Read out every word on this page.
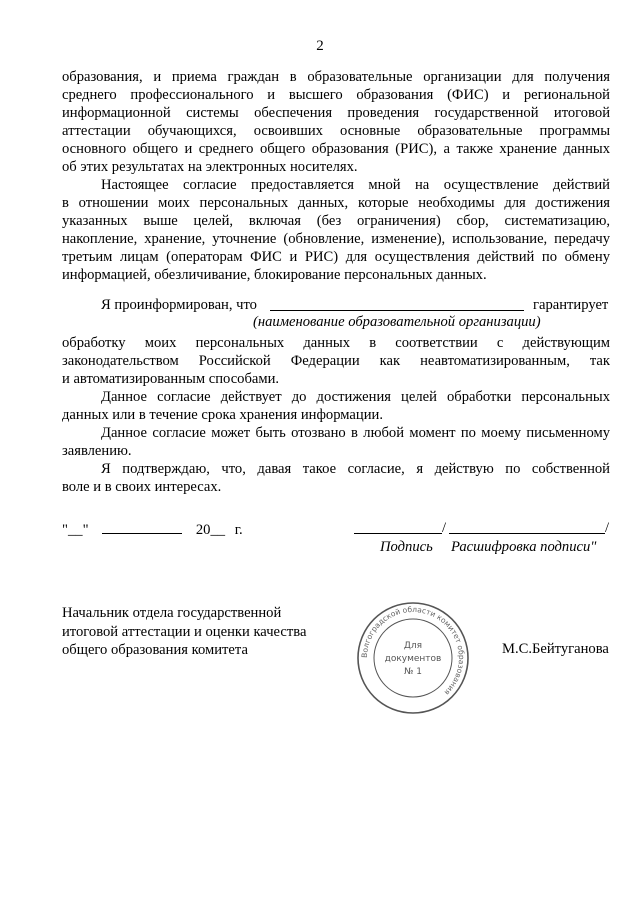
2
образования, и приема граждан в образовательные организации для получения
среднего профессионального и высшего образования (ФИС) и региональной
информационной системы обеспечения проведения государственной итоговой
аттестации обучающихся, освоивших основные образовательные программы
основного общего и среднего общего образования (РИС), а также хранение данных
об этих результатах на электронных носителях.
Настоящее согласие предоставляется мной на осуществление действий
в отношении моих персональных данных, которые необходимы для достижения
указанных выше целей, включая (без ограничения) сбор, систематизацию,
накопление, хранение, уточнение (обновление, изменение), использование, передачу
третьим лицам (операторам ФИС и РИС) для осуществления действий по обмену
информацией, обезличивание, блокирование персональных данных.
Я проинформирован, что	гарантирует
(наименование образовательной организации)
обработку моих персональных данных в соответствии с действующим
законодательством Российской Федерации как неавтоматизированным, так
и автоматизированным способами.
Данное согласие действует до достижения целей обработки персональных
данных или в течение срока хранения информации.
Данное согласие может быть отозвано в любой момент по моему письменному
заявлению.
Я подтверждаю, что, давая такое согласие, я действую по собственной
воле и в своих интересах.
"__"	20__ г.	/	/
Подпись Расшифровка подписи"
Начальник отдела государственной
итоговой аттестации и оценки качества
общего образования комитета	М.С.Бейтуганова
Волгоградской области комитет образования
Для
документов
№ 1
